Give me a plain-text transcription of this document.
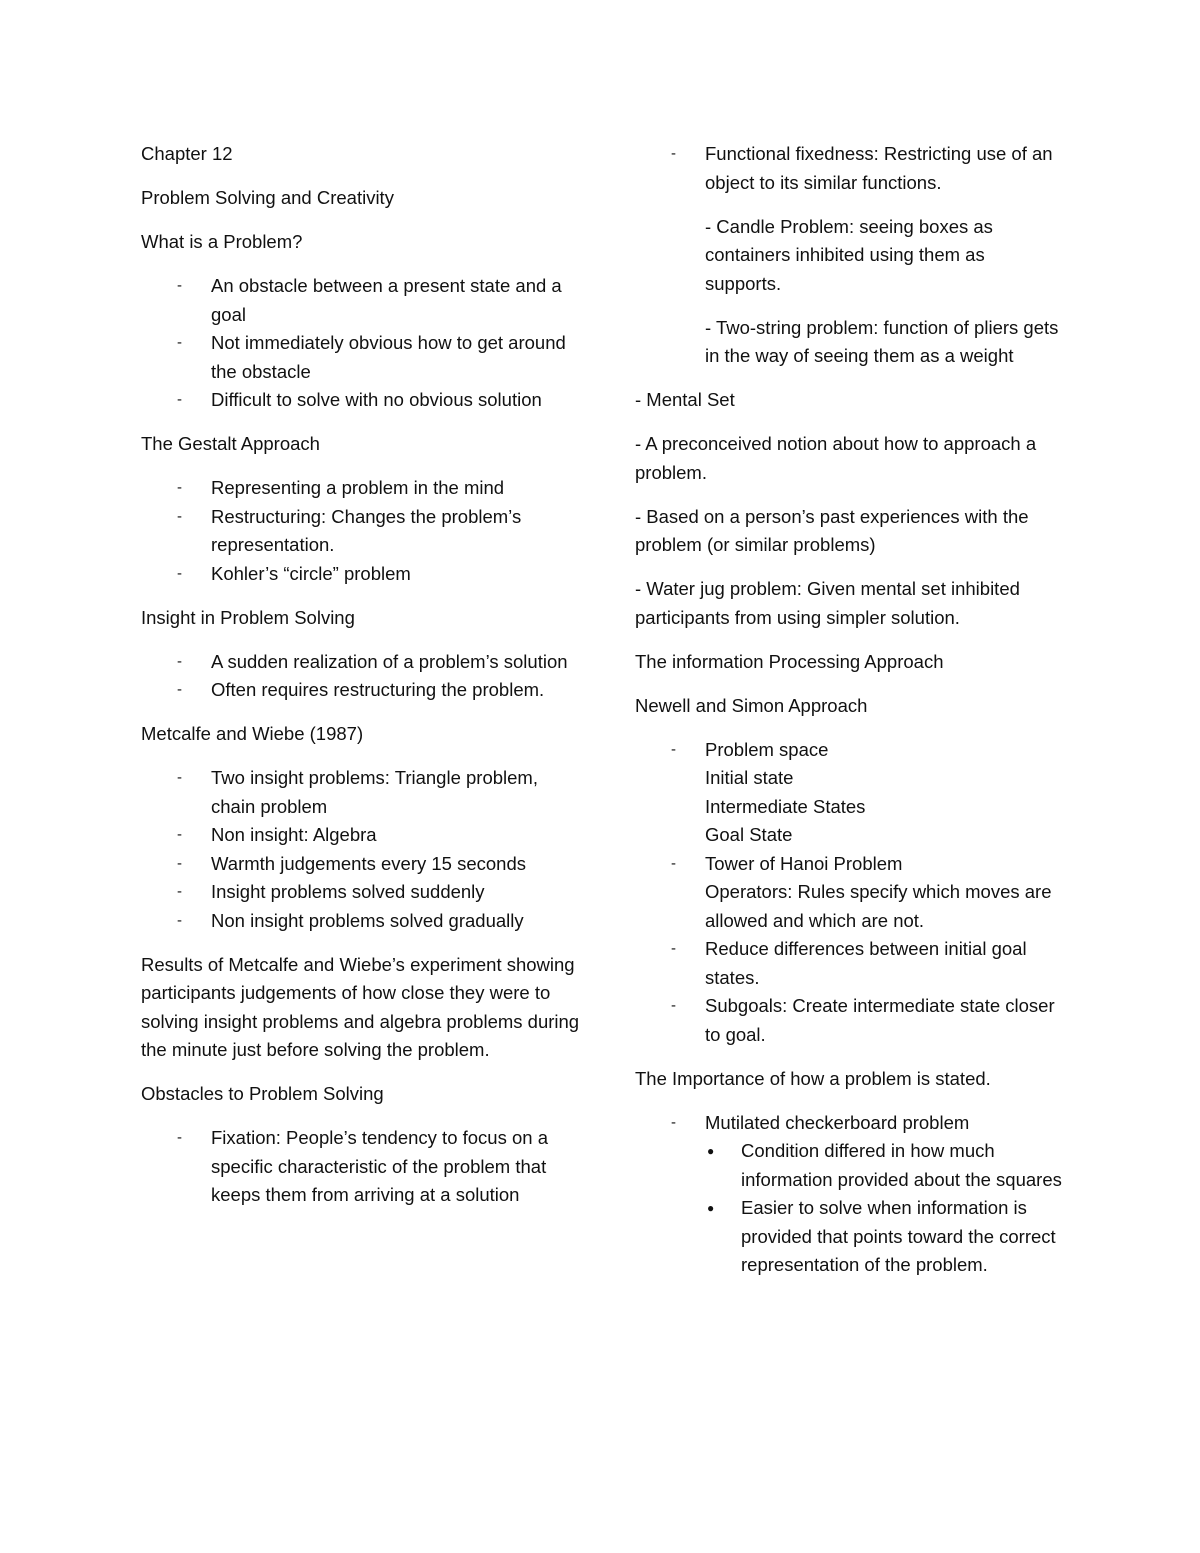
Chapter 12

Problem Solving and Creativity

What is a Problem?

- An obstacle between a present state and a goal
- Not immediately obvious how to get around the obstacle
- Difficult to solve with no obvious solution

The Gestalt Approach

- Representing a problem in the mind
- Restructuring: Changes the problem’s representation.
- Kohler’s “circle” problem

Insight in Problem Solving

- A sudden realization of a problem’s solution
- Often requires restructuring the problem.

Metcalfe and Wiebe (1987)

- Two insight problems: Triangle problem, chain problem
- Non insight: Algebra
- Warmth judgements every 15 seconds
- Insight problems solved suddenly
- Non insight problems solved gradually

Results of Metcalfe and Wiebe’s experiment showing participants judgements of how close they were to solving insight problems and algebra problems during the minute just before solving the problem.

Obstacles to Problem Solving

- Fixation: People’s tendency to focus on a specific characteristic of the problem that keeps them from arriving at a solution
- Functional fixedness: Restricting use of an object to its similar functions.

- Candle Problem: seeing boxes as containers inhibited using them as supports.

- Two-string problem: function of pliers gets in the way of seeing them as a weight

- Mental Set

- A preconceived notion about how to approach a problem.

- Based on a person’s past experiences with the problem (or similar problems)

- Water jug problem: Given mental set inhibited participants from using simpler solution.

The information Processing Approach

Newell and Simon Approach

- Problem space
Initial state
Intermediate States
Goal State
- Tower of Hanoi Problem
Operators: Rules specify which moves are allowed and which are not.
- Reduce differences between initial goal states.
- Subgoals: Create intermediate state closer to goal.

The Importance of how a problem is stated.

- Mutilated checkerboard problem
● Condition differed in how much information provided about the squares
● Easier to solve when information is provided that points toward the correct representation of the problem.
